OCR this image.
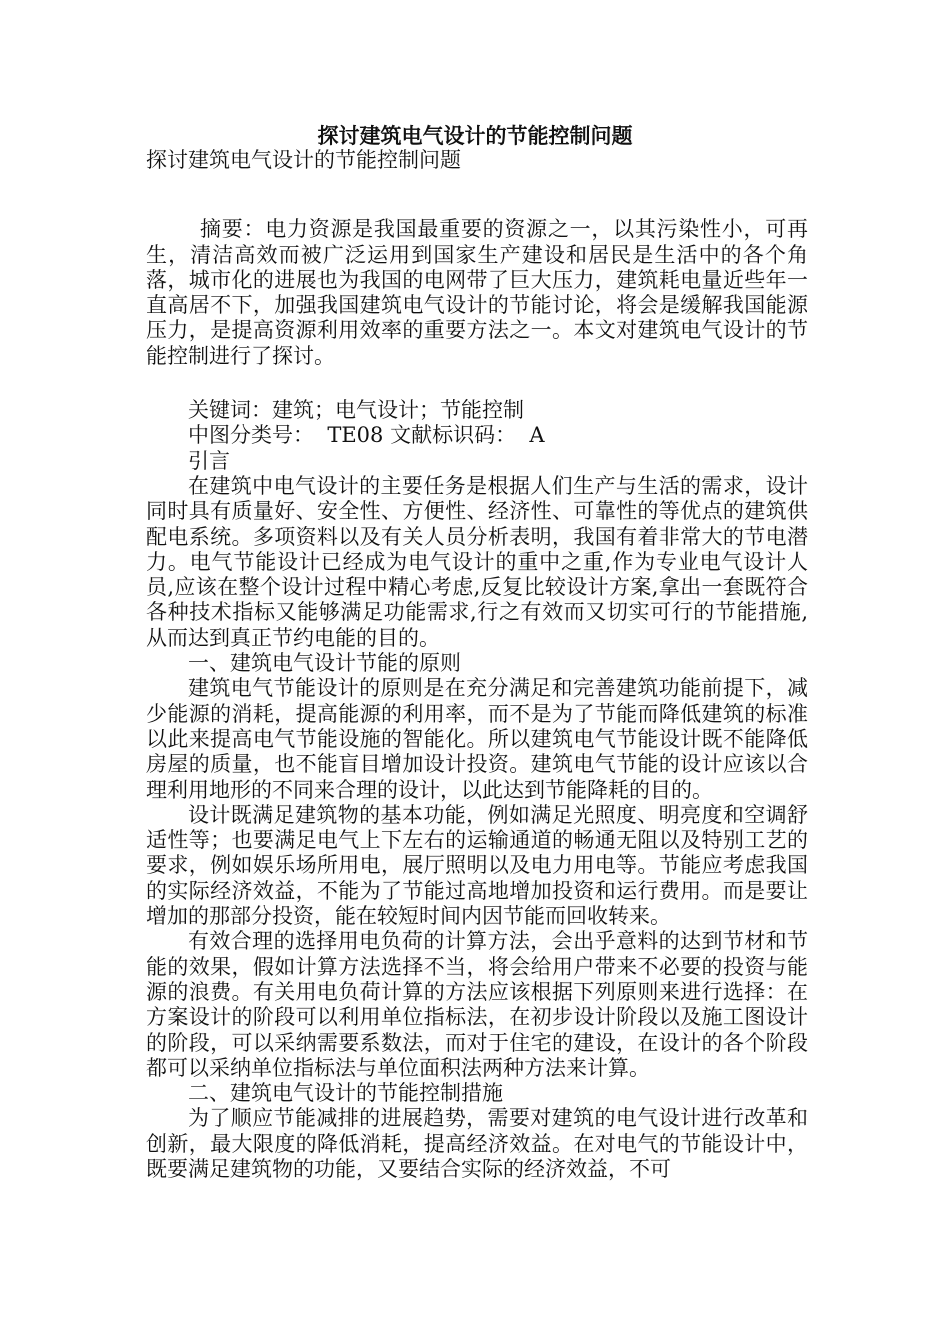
探讨建筑电气设计的节能控制问题

探讨建筑电气设计的节能控制问题

摘要：电力资源是我国最重要的资源之一，以其污染性小，可再生，清洁高效而被广泛运用到国家生产建设和居民是生活中的各个角落，城市化的进展也为我国的电网带了巨大压力，建筑耗电量近些年一直高居不下，加强我国建筑电气设计的节能讨论，将会是缓解我国能源压力，是提高资源利用效率的重要方法之一。本文对建筑电气设计的节能控制进行了探讨。

关键词：建筑；电气设计；节能控制

中图分类号：  TE08 文献标识码：  A

引言

在建筑中电气设计的主要任务是根据人们生产与生活的需求，设计同时具有质量好、安全性、方便性、经济性、可靠性的等优点的建筑供配电系统。多项资料以及有关人员分析表明，我国有着非常大的节电潜力。电气节能设计已经成为电气设计的重中之重,作为专业电气设计人员,应该在整个设计过程中精心考虑,反复比较设计方案,拿出一套既符合各种技术指标又能够满足功能需求,行之有效而又切实可行的节能措施,从而达到真正节约电能的目的。

一、建筑电气设计节能的原则

建筑电气节能设计的原则是在充分满足和完善建筑功能前提下，减少能源的消耗，提高能源的利用率，而不是为了节能而降低建筑的标准以此来提高电气节能设施的智能化。所以建筑电气节能设计既不能降低房屋的质量，也不能盲目增加设计投资。建筑电气节能的设计应该以合理利用地形的不同来合理的设计，以此达到节能降耗的目的。

设计既满足建筑物的基本功能，例如满足光照度、明亮度和空调舒适性等；也要满足电气上下左右的运输通道的畅通无阻以及特别工艺的要求，例如娱乐场所用电，展厅照明以及电力用电等。节能应考虑我国的实际经济效益，不能为了节能过高地增加投资和运行费用。而是要让增加的那部分投资，能在较短时间内因节能而回收转来。

有效合理的选择用电负荷的计算方法，会出乎意料的达到节材和节能的效果，假如计算方法选择不当，将会给用户带来不必要的投资与能源的浪费。有关用电负荷计算的方法应该根据下列原则来进行选择：在方案设计的阶段可以利用单位指标法，在初步设计阶段以及施工图设计的阶段，可以采纳需要系数法，而对于住宅的建设，在设计的各个阶段都可以采纳单位指标法与单位面积法两种方法来计算。

二、建筑电气设计的节能控制措施

为了顺应节能减排的进展趋势，需要对建筑的电气设计进行改革和创新，最大限度的降低消耗，提高经济效益。在对电气的节能设计中，既要满足建筑物的功能，又要结合实际的经济效益，不可
